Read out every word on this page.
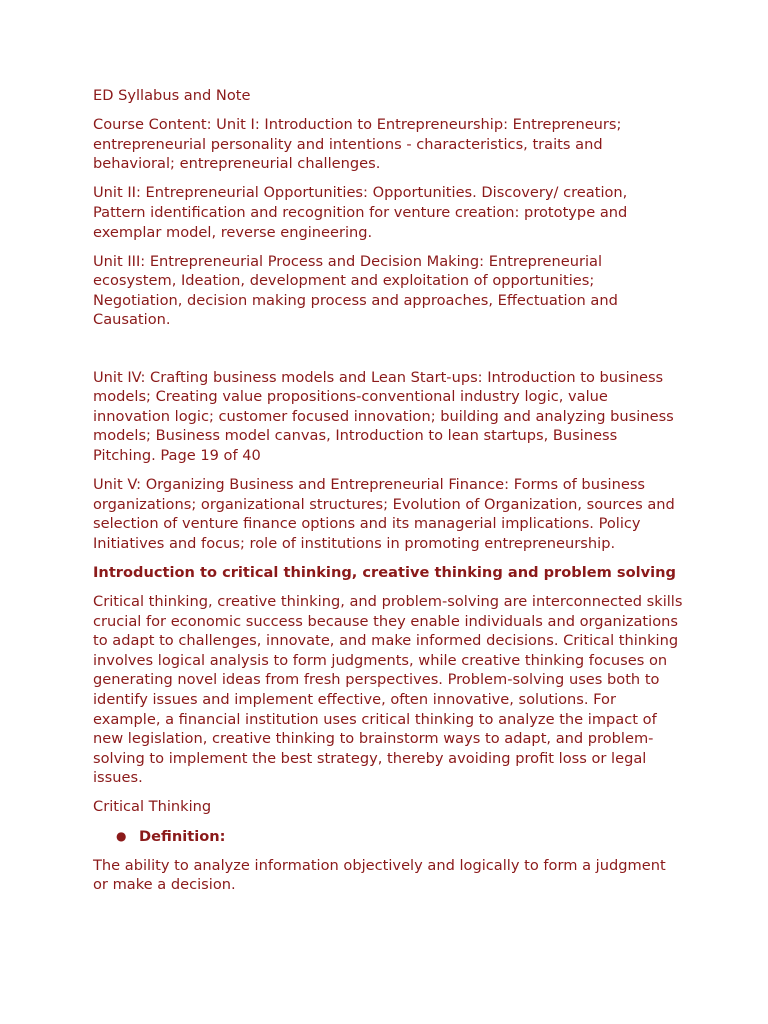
ED Syllabus and Note

Course Content: Unit I: Introduction to Entrepreneurship: Entrepreneurs; entrepreneurial personality and intentions - characteristics, traits and behavioral; entrepreneurial challenges.

Unit II: Entrepreneurial Opportunities: Opportunities. Discovery/ creation, Pattern identification and recognition for venture creation: prototype and exemplar model, reverse engineering.

Unit III: Entrepreneurial Process and Decision Making: Entrepreneurial ecosystem, Ideation, development and exploitation of opportunities; Negotiation, decision making process and approaches, Effectuation and Causation.

Unit IV: Crafting business models and Lean Start-ups: Introduction to business models; Creating value propositions-conventional industry logic, value innovation logic; customer focused innovation; building and analyzing business models; Business model canvas, Introduction to lean startups, Business Pitching. Page 19 of 40

Unit V: Organizing Business and Entrepreneurial Finance: Forms of business organizations; organizational structures; Evolution of Organization, sources and selection of venture finance options and its managerial implications. Policy Initiatives and focus; role of institutions in promoting entrepreneurship.

Introduction to critical thinking, creative thinking and problem solving

Critical thinking, creative thinking, and problem-solving are interconnected skills crucial for economic success because they enable individuals and organizations to adapt to challenges, innovate, and make informed decisions. Critical thinking involves logical analysis to form judgments, while creative thinking focuses on generating novel ideas from fresh perspectives. Problem-solving uses both to identify issues and implement effective, often innovative, solutions. For example, a financial institution uses critical thinking to analyze the impact of new legislation, creative thinking to brainstorm ways to adapt, and problem-solving to implement the best strategy, thereby avoiding profit loss or legal issues.

Critical Thinking

● Definition:

The ability to analyze information objectively and logically to form a judgment or make a decision.
